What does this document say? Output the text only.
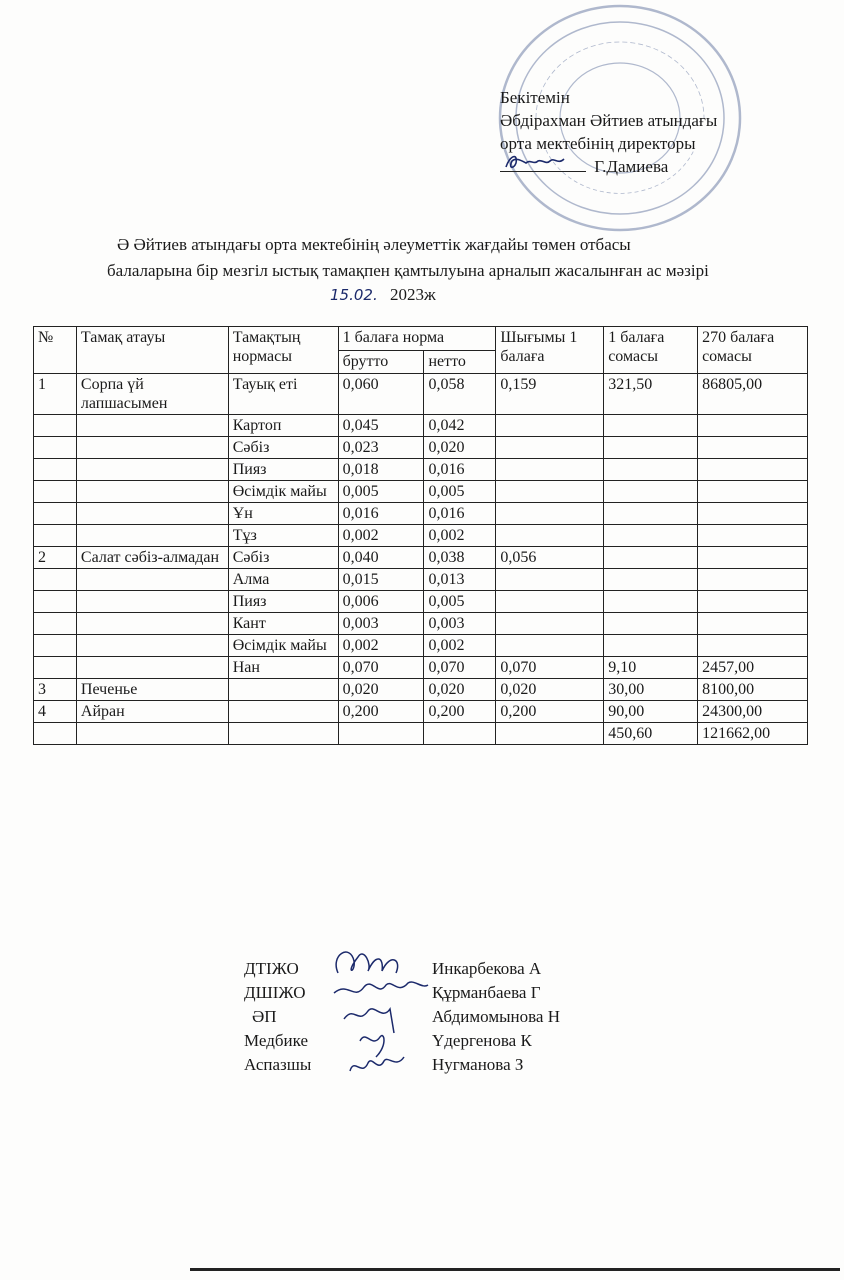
Бекітемін
Әбдірахман Әйтиев атындағы
орта мектебінің директоры
Г.Дамиева
Ә Әйтиев атындағы орта мектебінің әлеуметтік жағдайы төмен отбасы
балаларына бір мезгіл ыстық тамақпен қамтылуына арналып жасалынған ас мәзірі
15.02. 2023ж
№	Тамақ атауы	Тамақтың нормасы	1 балаға норма		Шығымы 1 балаға	1 балаға сомасы	270 балаға сомасы
			брутто	нетто			
1	Сорпа үй лапшасымен	Тауық еті	0,060	0,058	0,159	321,50	86805,00
		Картоп	0,045	0,042			
		Сәбіз	0,023	0,020			
		Пияз	0,018	0,016			
		Өсімдік майы	0,005	0,005			
		Ұн	0,016	0,016			
		Тұз	0,002	0,002			
2	Салат сәбіз-алмадан	Сәбіз	0,040	0,038	0,056		
		Алма	0,015	0,013			
		Пияз	0,006	0,005			
		Кант	0,003	0,003			
		Өсімдік майы	0,002	0,002			
		Нан	0,070	0,070	0,070	9,10	2457,00
3	Печенье		0,020	0,020	0,020	30,00	8100,00
4	Айран		0,200	0,200	0,200	90,00	24300,00
						450,60	121662,00
ДТІЖО	Инкарбекова А
ДШІЖО	Құрманбаева Г
ӘП	Абдимомынова Н
Медбике	Үдергенова К
Аспазшы	Нугманова З
